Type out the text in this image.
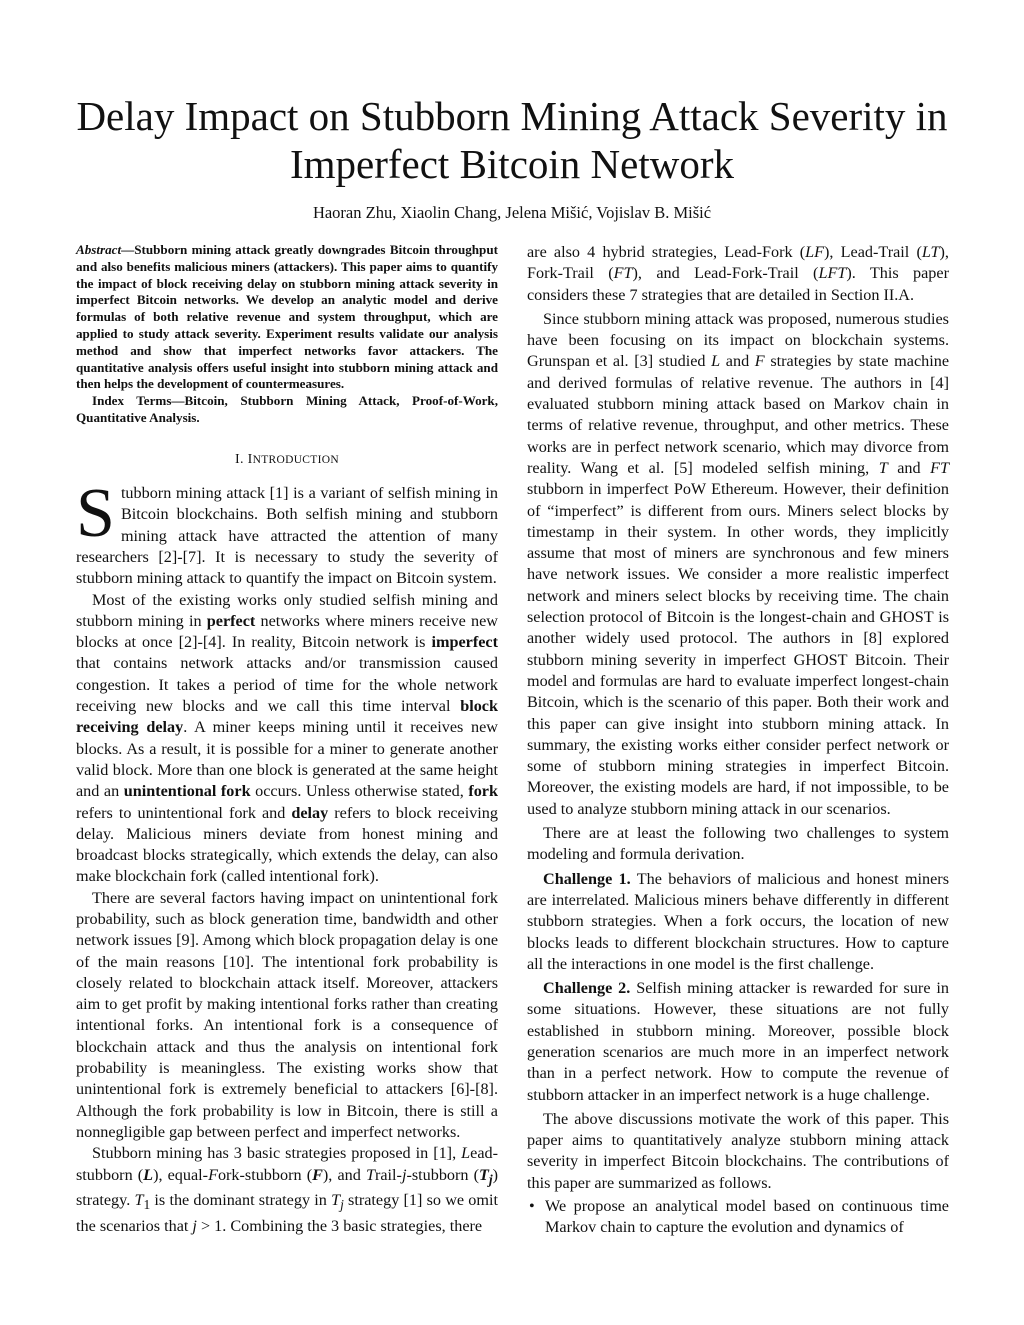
Delay Impact on Stubborn Mining Attack Severity in Imperfect Bitcoin Network
Haoran Zhu, Xiaolin Chang, Jelena Mišić, Vojislav B. Mišić

Abstract—Stubborn mining attack greatly downgrades Bitcoin throughput and also benefits malicious miners (attackers). This paper aims to quantify the impact of block receiving delay on stubborn mining attack severity in imperfect Bitcoin networks. We develop an analytic model and derive formulas of both relative revenue and system throughput, which are applied to study attack severity. Experiment results validate our analysis method and show that imperfect networks favor attackers. The quantitative analysis offers useful insight into stubborn mining attack and then helps the development of countermeasures.

Index Terms—Bitcoin, Stubborn Mining Attack, Proof-of-Work, Quantitative Analysis.

I. INTRODUCTION

Stubborn mining attack [1] is a variant of selfish mining in Bitcoin blockchains. Both selfish mining and stubborn mining attack have attracted the attention of many researchers [2]-[7]. It is necessary to study the severity of stubborn mining attack to quantify the impact on Bitcoin system.

Most of the existing works only studied selfish mining and stubborn mining in perfect networks where miners receive new blocks at once [2]-[4]. In reality, Bitcoin network is imperfect that contains network attacks and/or transmission caused congestion. It takes a period of time for the whole network receiving new blocks and we call this time interval block receiving delay. A miner keeps mining until it receives new blocks. As a result, it is possible for a miner to generate another valid block. More than one block is generated at the same height and an unintentional fork occurs. Unless otherwise stated, fork refers to unintentional fork and delay refers to block receiving delay. Malicious miners deviate from honest mining and broadcast blocks strategically, which extends the delay, can also make blockchain fork (called intentional fork).

There are several factors having impact on unintentional fork probability, such as block generation time, bandwidth and other network issues [9]. Among which block propagation delay is one of the main reasons [10]. The intentional fork probability is closely related to blockchain attack itself. Moreover, attackers aim to get profit by making intentional forks rather than creating intentional forks. An intentional fork is a consequence of blockchain attack and thus the analysis on intentional fork probability is meaningless. The existing works show that unintentional fork is extremely beneficial to attackers [6]-[8]. Although the fork probability is low in Bitcoin, there is still a nonnegligible gap between perfect and imperfect networks.

Stubborn mining has 3 basic strategies proposed in [1], Lead-stubborn (L), equal-Fork-stubborn (F), and Trail-j-stubborn $(T_j)$ strategy. $T_1$ is the dominant strategy in $T_j$ strategy [1] so we omit the scenarios that j > 1. Combining the 3 basic strategies, there

are also 4 hybrid strategies, Lead-Fork (LF), Lead-Trail (LT), Fork-Trail (FT), and Lead-Fork-Trail (LFT). This paper considers these 7 strategies that are detailed in Section II.A.

Since stubborn mining attack was proposed, numerous studies have been focusing on its impact on blockchain systems. Grunspan et al. [3] studied L and F strategies by state machine and derived formulas of relative revenue. The authors in [4] evaluated stubborn mining attack based on Markov chain in terms of relative revenue, throughput, and other metrics. These works are in perfect network scenario, which may divorce from reality. Wang et al. [5] modeled selfish mining, T and FT stubborn in imperfect PoW Ethereum. However, their definition of “imperfect” is different from ours. Miners select blocks by timestamp in their system. In other words, they implicitly assume that most of miners are synchronous and few miners have network issues. We consider a more realistic imperfect network and miners select blocks by receiving time. The chain selection protocol of Bitcoin is the longest-chain and GHOST is another widely used protocol. The authors in [8] explored stubborn mining severity in imperfect GHOST Bitcoin. Their model and formulas are hard to evaluate imperfect longest-chain Bitcoin, which is the scenario of this paper. Both their work and this paper can give insight into stubborn mining attack. In summary, the existing works either consider perfect network or some of stubborn mining strategies in imperfect Bitcoin. Moreover, the existing models are hard, if not impossible, to be used to analyze stubborn mining attack in our scenarios.

There are at least the following two challenges to system modeling and formula derivation.

Challenge 1. The behaviors of malicious and honest miners are interrelated. Malicious miners behave differently in different stubborn strategies. When a fork occurs, the location of new blocks leads to different blockchain structures. How to capture all the interactions in one model is the first challenge.

Challenge 2. Selfish mining attacker is rewarded for sure in some situations. However, these situations are not fully established in stubborn mining. Moreover, possible block generation scenarios are much more in an imperfect network than in a perfect network. How to compute the revenue of stubborn attacker in an imperfect network is a huge challenge.

The above discussions motivate the work of this paper. This paper aims to quantitatively analyze stubborn mining attack severity in imperfect Bitcoin blockchains. The contributions of this paper are summarized as follows.

• We propose an analytical model based on continuous time Markov chain to capture the evolution and dynamics of
